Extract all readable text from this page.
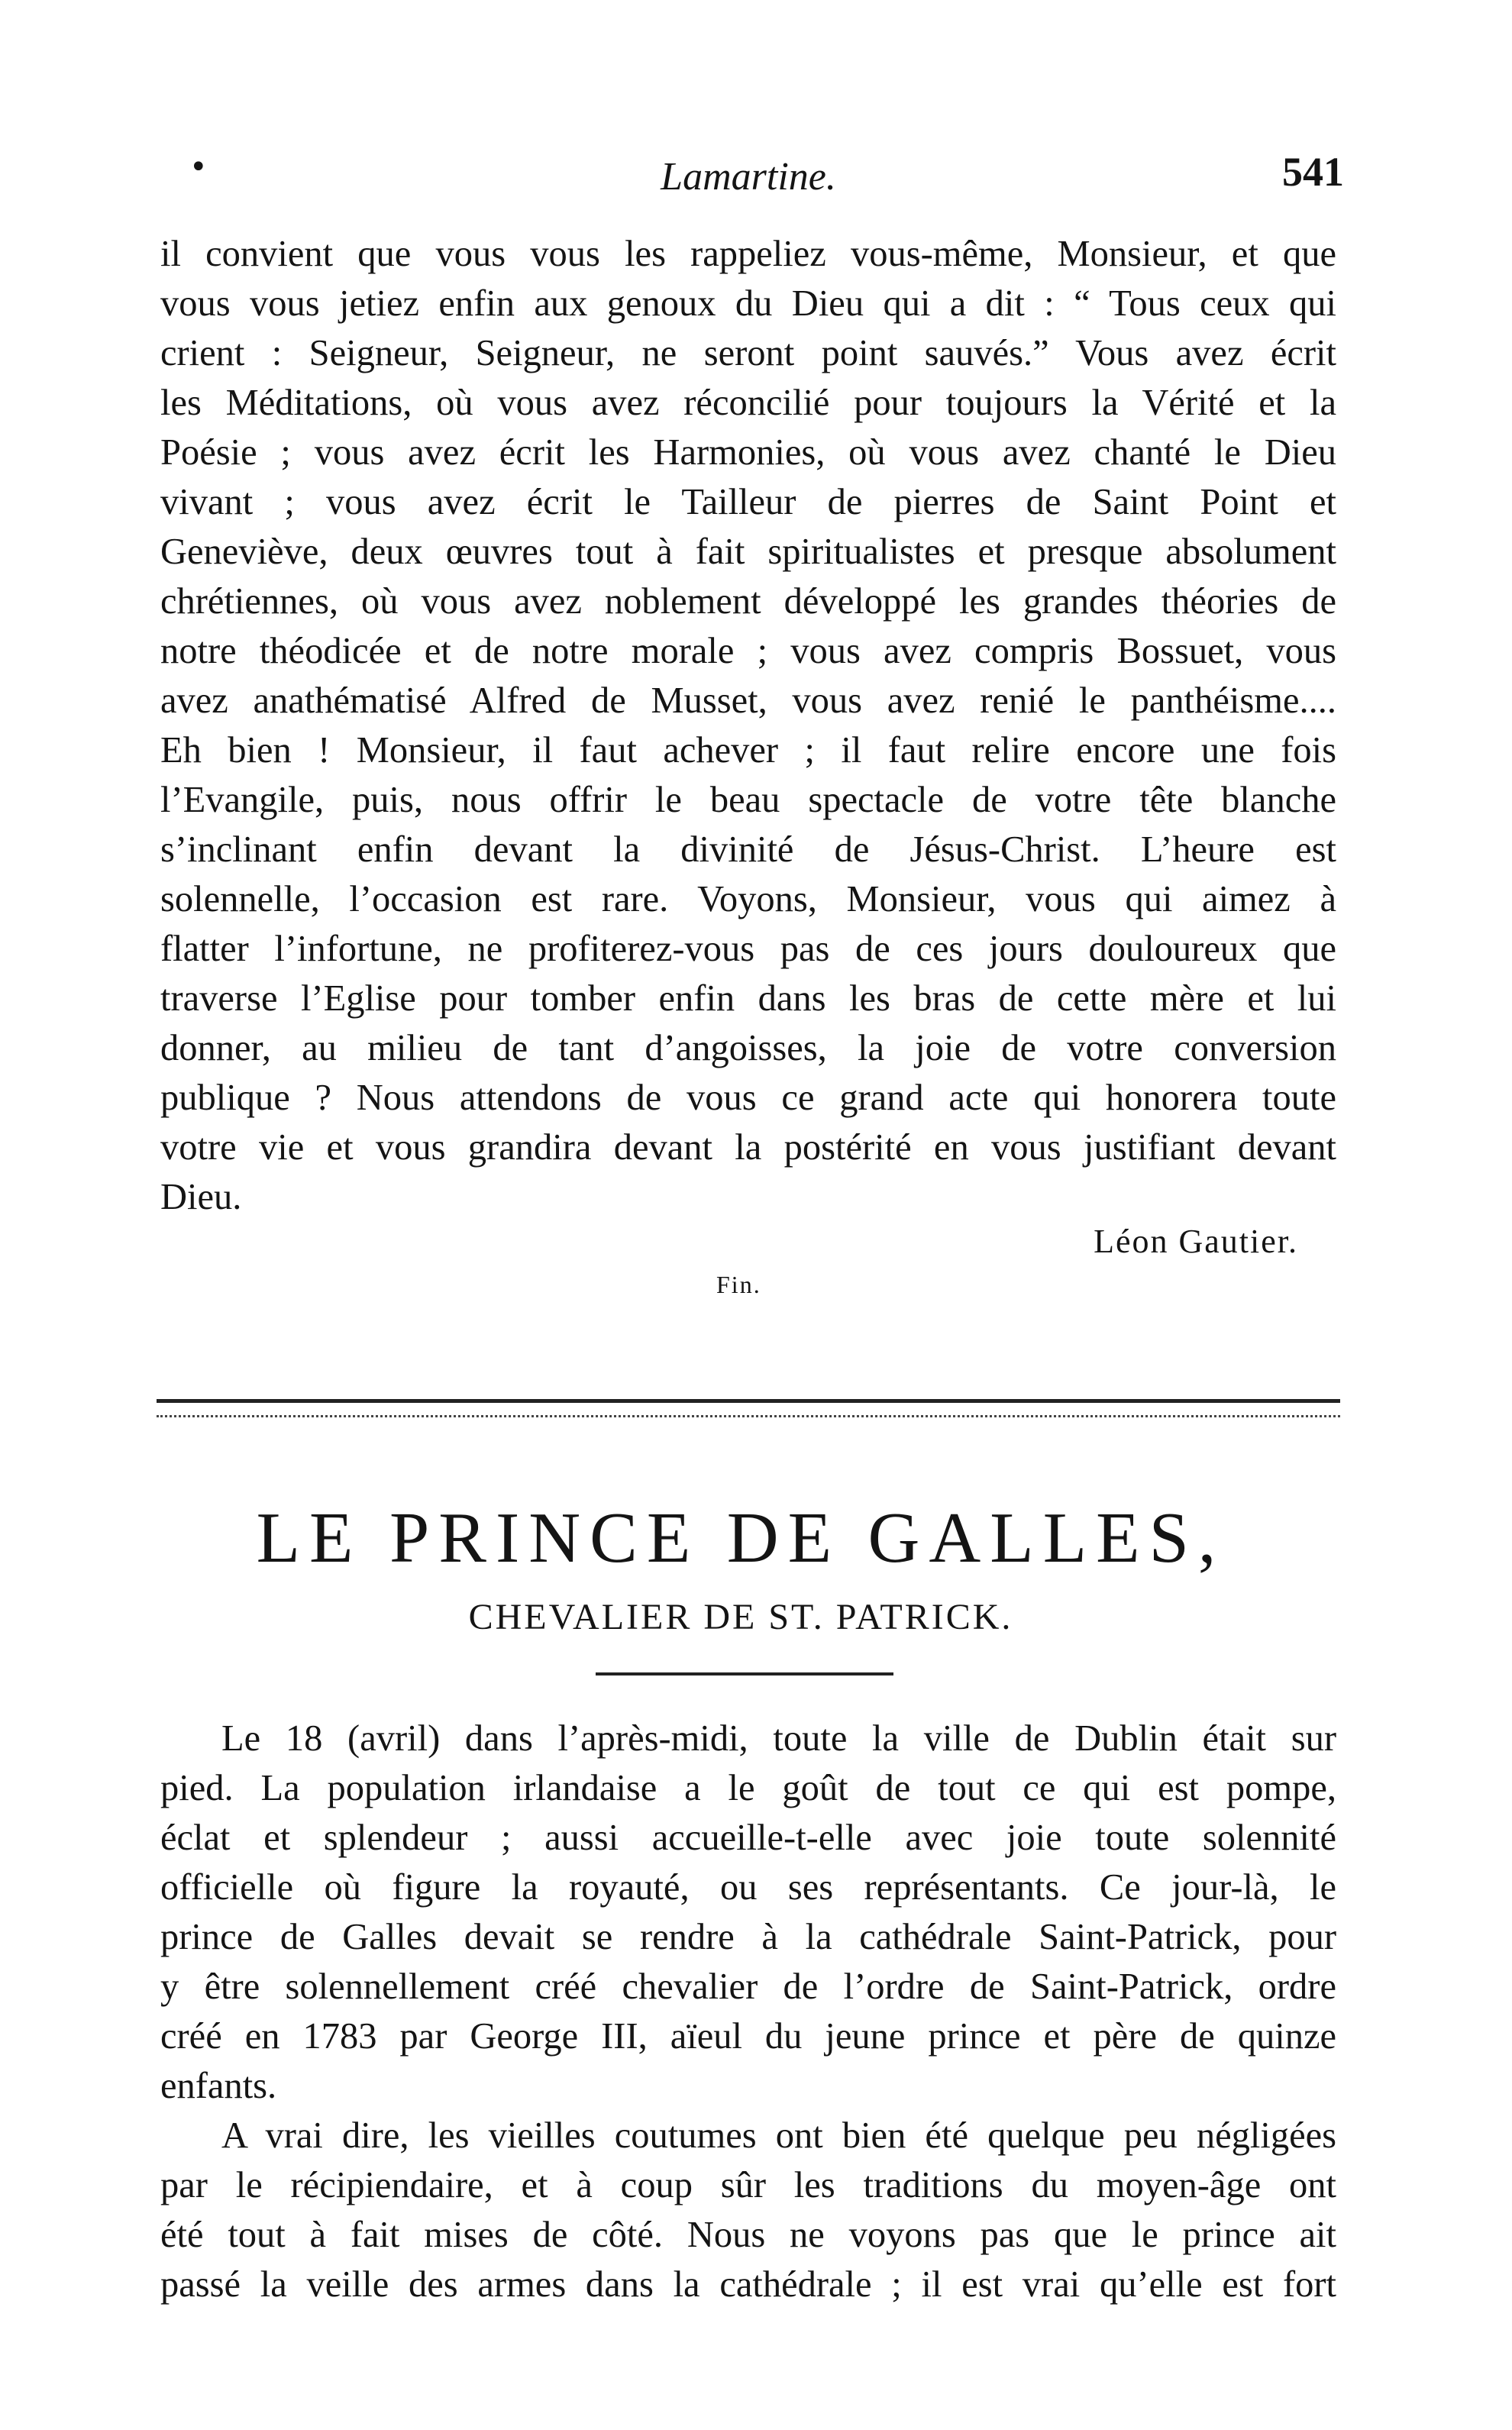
•	Lamartine.	541
il convient que vous vous les rappeliez vous-même, Monsieur, et que
vous vous jetiez enfin aux genoux du Dieu qui a dit : “ Tous ceux qui
crient : Seigneur, Seigneur, ne seront point sauvés.” Vous avez écrit
les Méditations, où vous avez réconcilié pour toujours la Vérité et la
Poésie ; vous avez écrit les Harmonies, où vous avez chanté le Dieu
vivant ; vous avez écrit le Tailleur de pierres de Saint Point et
Geneviève, deux œuvres tout à fait spiritualistes et presque absolument
chrétiennes, où vous avez noblement développé les grandes théories de
notre théodicée et de notre morale ; vous avez compris Bossuet, vous
avez anathématisé Alfred de Musset, vous avez renié le panthéisme....
Eh bien ! Monsieur, il faut achever ; il faut relire encore une fois
l’Evangile, puis, nous offrir le beau spectacle de votre tête blanche
s’inclinant enfin devant la divinité de Jésus-Christ. L’heure est
solennelle, l’occasion est rare. Voyons, Monsieur, vous qui aimez à
flatter l’infortune, ne profiterez-vous pas de ces jours douloureux que
traverse l’Eglise pour tomber enfin dans les bras de cette mère et lui
donner, au milieu de tant d’angoisses, la joie de votre conversion
publique ? Nous attendons de vous ce grand acte qui honorera toute
votre vie et vous grandira devant la postérité en vous justifiant devant
Dieu.
Léon Gautier.
Fin.
LE PRINCE DE GALLES,
CHEVALIER DE ST. PATRICK.
Le 18 (avril) dans l’après-midi, toute la ville de Dublin était sur
pied. La population irlandaise a le goût de tout ce qui est pompe,
éclat et splendeur ; aussi accueille-t-elle avec joie toute solennité
officielle où figure la royauté, ou ses représentants. Ce jour-là, le
prince de Galles devait se rendre à la cathédrale Saint-Patrick, pour
y être solennellement créé chevalier de l’ordre de Saint-Patrick, ordre
créé en 1783 par George III, aïeul du jeune prince et père de quinze
enfants.
A vrai dire, les vieilles coutumes ont bien été quelque peu négligées
par le récipiendaire, et à coup sûr les traditions du moyen-âge ont
été tout à fait mises de côté. Nous ne voyons pas que le prince ait
passé la veille des armes dans la cathédrale ; il est vrai qu’elle est fort
